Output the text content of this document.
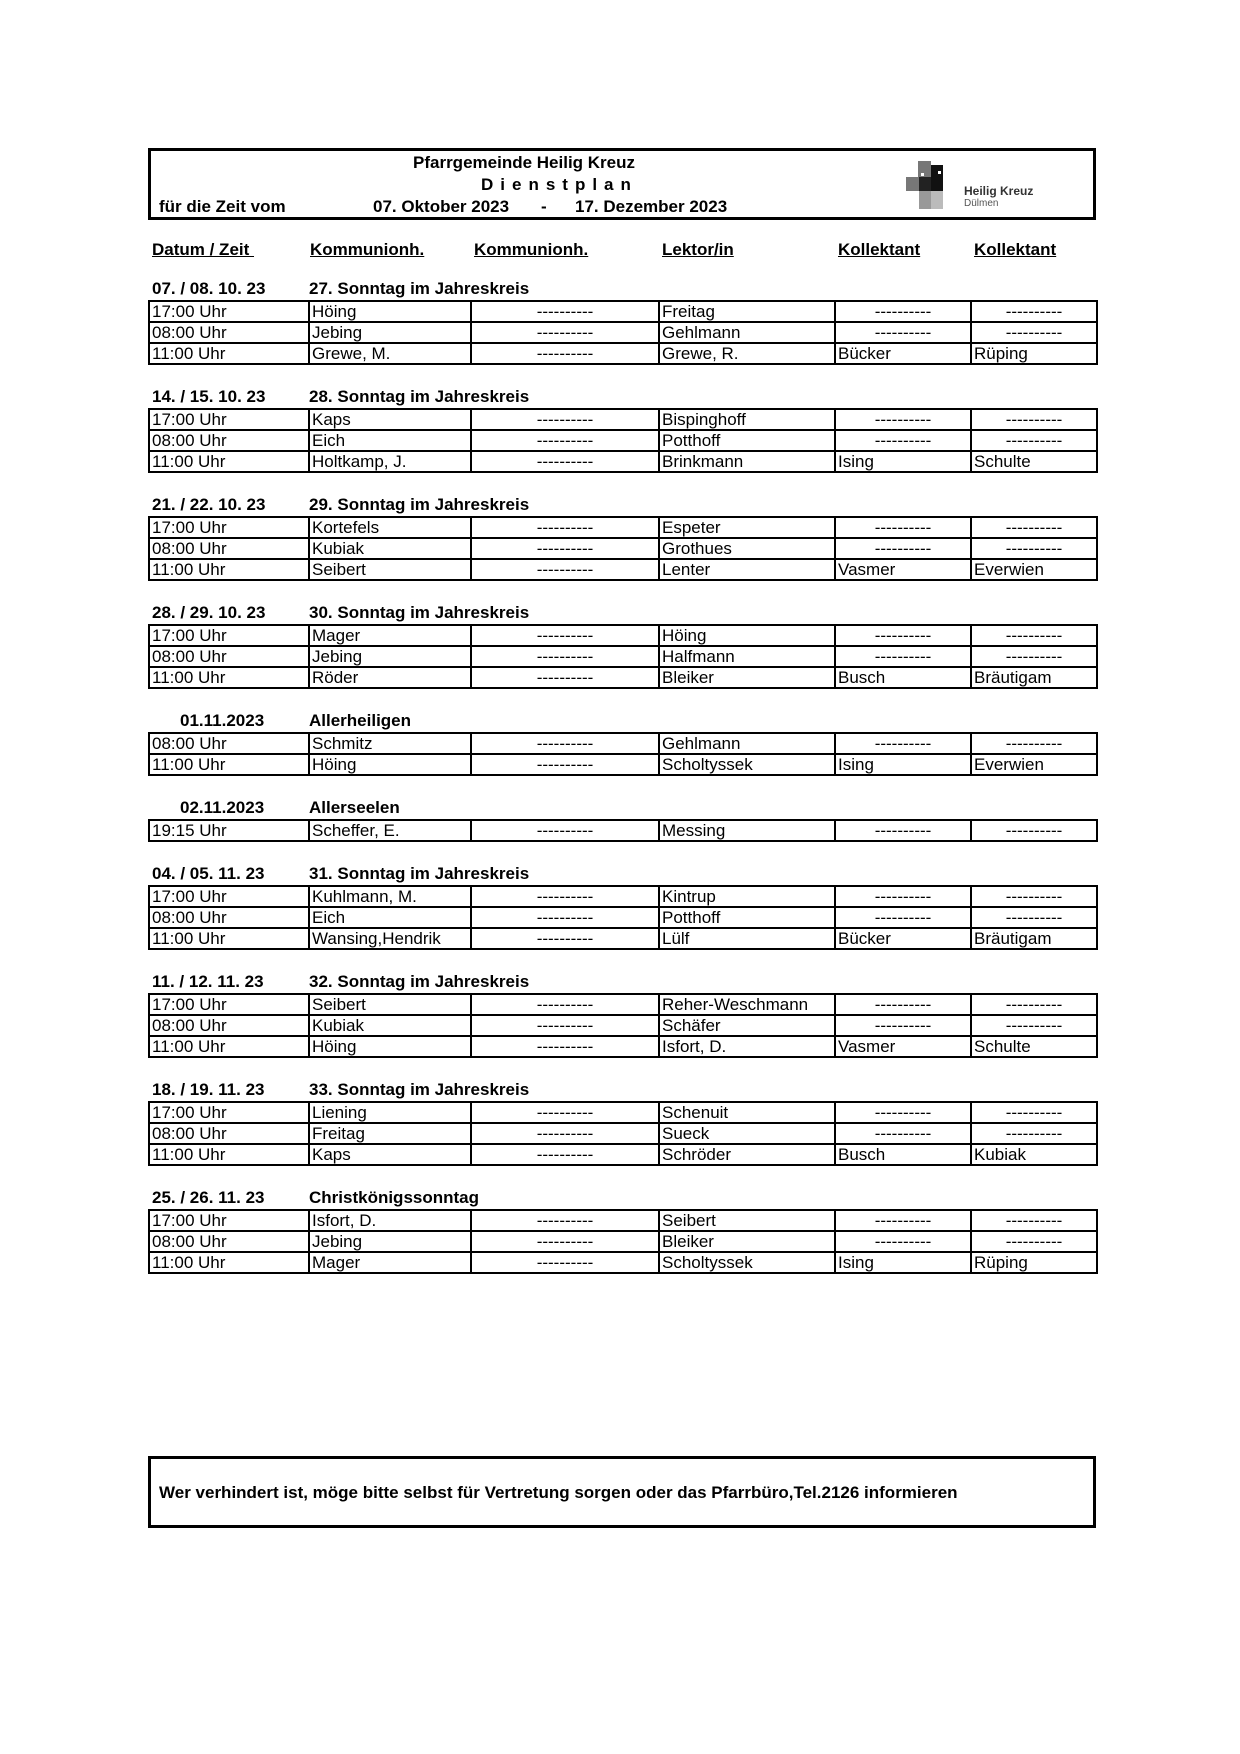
Pfarrgemeinde Heilig Kreuz
Dienstplan
für die Zeit vom	07. Oktober 2023 - 17. Dezember 2023
Heilig Kreuz
Dülmen
Datum / Zeit	Kommunionh.	Kommunionh.	Lektor/in	Kollektant	Kollektant
07. / 08. 10. 23	27. Sonntag im Jahreskreis
17:00 Uhr	Höing	----------	Freitag	----------	----------
08:00 Uhr	Jebing	----------	Gehlmann	----------	----------
11:00 Uhr	Grewe, M.	----------	Grewe, R.	Bücker	Rüping
14. / 15. 10. 23	28. Sonntag im Jahreskreis
17:00 Uhr	Kaps	----------	Bispinghoff	----------	----------
08:00 Uhr	Eich	----------	Potthoff	----------	----------
11:00 Uhr	Holtkamp, J.	----------	Brinkmann	Ising	Schulte
21. / 22. 10. 23	29. Sonntag im Jahreskreis
17:00 Uhr	Kortefels	----------	Espeter	----------	----------
08:00 Uhr	Kubiak	----------	Grothues	----------	----------
11:00 Uhr	Seibert	----------	Lenter	Vasmer	Everwien
28. / 29. 10. 23	30. Sonntag im Jahreskreis
17:00 Uhr	Mager	----------	Höing	----------	----------
08:00 Uhr	Jebing	----------	Halfmann	----------	----------
11:00 Uhr	Röder	----------	Bleiker	Busch	Bräutigam
01.11.2023	Allerheiligen
08:00 Uhr	Schmitz	----------	Gehlmann	----------	----------
11:00 Uhr	Höing	----------	Scholtyssek	Ising	Everwien
02.11.2023	Allerseelen
19:15 Uhr	Scheffer, E.	----------	Messing	----------	----------
04. / 05. 11. 23	31. Sonntag im Jahreskreis
17:00 Uhr	Kuhlmann, M.	----------	Kintrup	----------	----------
08:00 Uhr	Eich	----------	Potthoff	----------	----------
11:00 Uhr	Wansing,Hendrik	----------	Lülf	Bücker	Bräutigam
11. / 12. 11. 23	32. Sonntag im Jahreskreis
17:00 Uhr	Seibert	----------	Reher-Weschmann	----------	----------
08:00 Uhr	Kubiak	----------	Schäfer	----------	----------
11:00 Uhr	Höing	----------	Isfort, D.	Vasmer	Schulte
18. / 19. 11. 23	33. Sonntag im Jahreskreis
17:00 Uhr	Liening	----------	Schenuit	----------	----------
08:00 Uhr	Freitag	----------	Sueck	----------	----------
11:00 Uhr	Kaps	----------	Schröder	Busch	Kubiak
25. / 26. 11. 23	Christkönigssonntag
17:00 Uhr	Isfort, D.	----------	Seibert	----------	----------
08:00 Uhr	Jebing	----------	Bleiker	----------	----------
11:00 Uhr	Mager	----------	Scholtyssek	Ising	Rüping
Wer verhindert ist, möge bitte selbst für Vertretung sorgen oder das Pfarrbüro,Tel.2126 informieren
